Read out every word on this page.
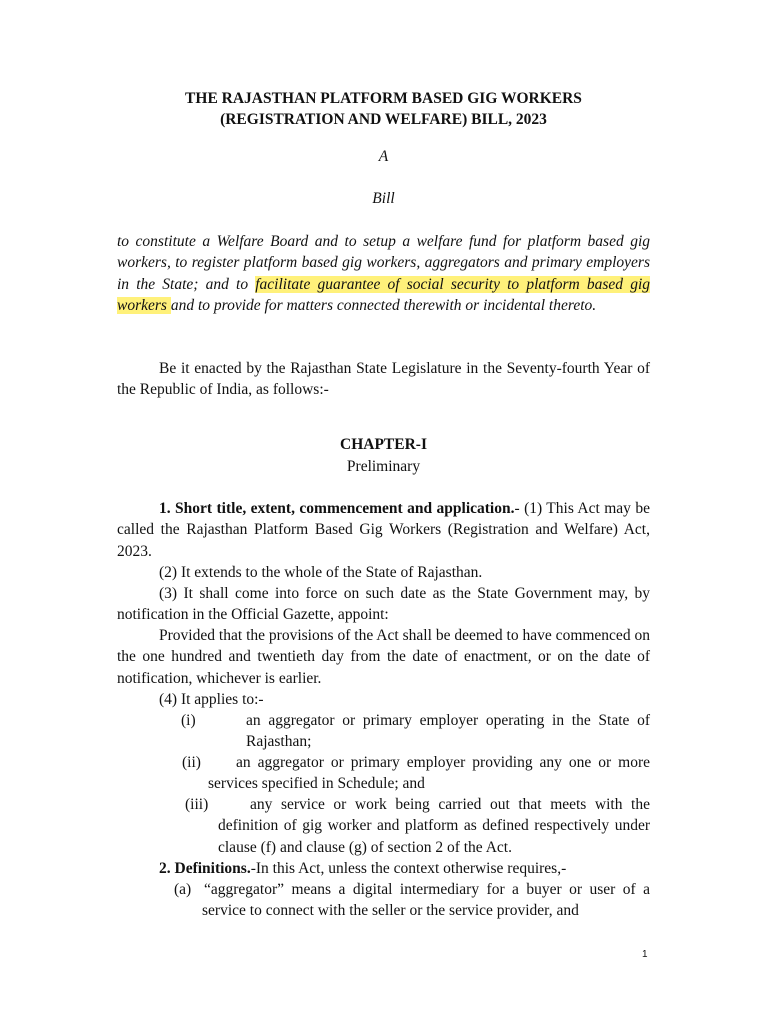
THE RAJASTHAN PLATFORM BASED GIG WORKERS

(REGISTRATION AND WELFARE) BILL, 2023

A

Bill

to constitute a Welfare Board and to setup a welfare fund for platform based gig workers, to register platform based gig workers, aggregators and primary employers in the State; and to facilitate guarantee of social security to platform based gig workers and to provide for matters connected therewith or incidental thereto.

Be it enacted by the Rajasthan State Legislature in the Seventy-fourth Year of the Republic of India, as follows:-

CHAPTER-I

Preliminary

1. Short title, extent, commencement and application.- (1) This Act may be called the Rajasthan Platform Based Gig Workers (Registration and Welfare) Act, 2023.

(2) It extends to the whole of the State of Rajasthan.

(3) It shall come into force on such date as the State Government may, by notification in the Official Gazette, appoint:

Provided that the provisions of the Act shall be deemed to have commenced on the one hundred and twentieth day from the date of enactment, or on the date of notification, whichever is earlier.

(4) It applies to:-

(i)	an aggregator or primary employer operating in the State of Rajasthan;

(ii)	an aggregator or primary employer providing any one or more services specified in Schedule; and

(iii)	any service or work being carried out that meets with the definition of gig worker and platform as defined respectively under clause (f) and clause (g) of section 2 of the Act.

2. Definitions.-In this Act, unless the context otherwise requires,-

(a) “aggregator” means a digital intermediary for a buyer or user of a service to connect with the seller or the service provider, and

1
